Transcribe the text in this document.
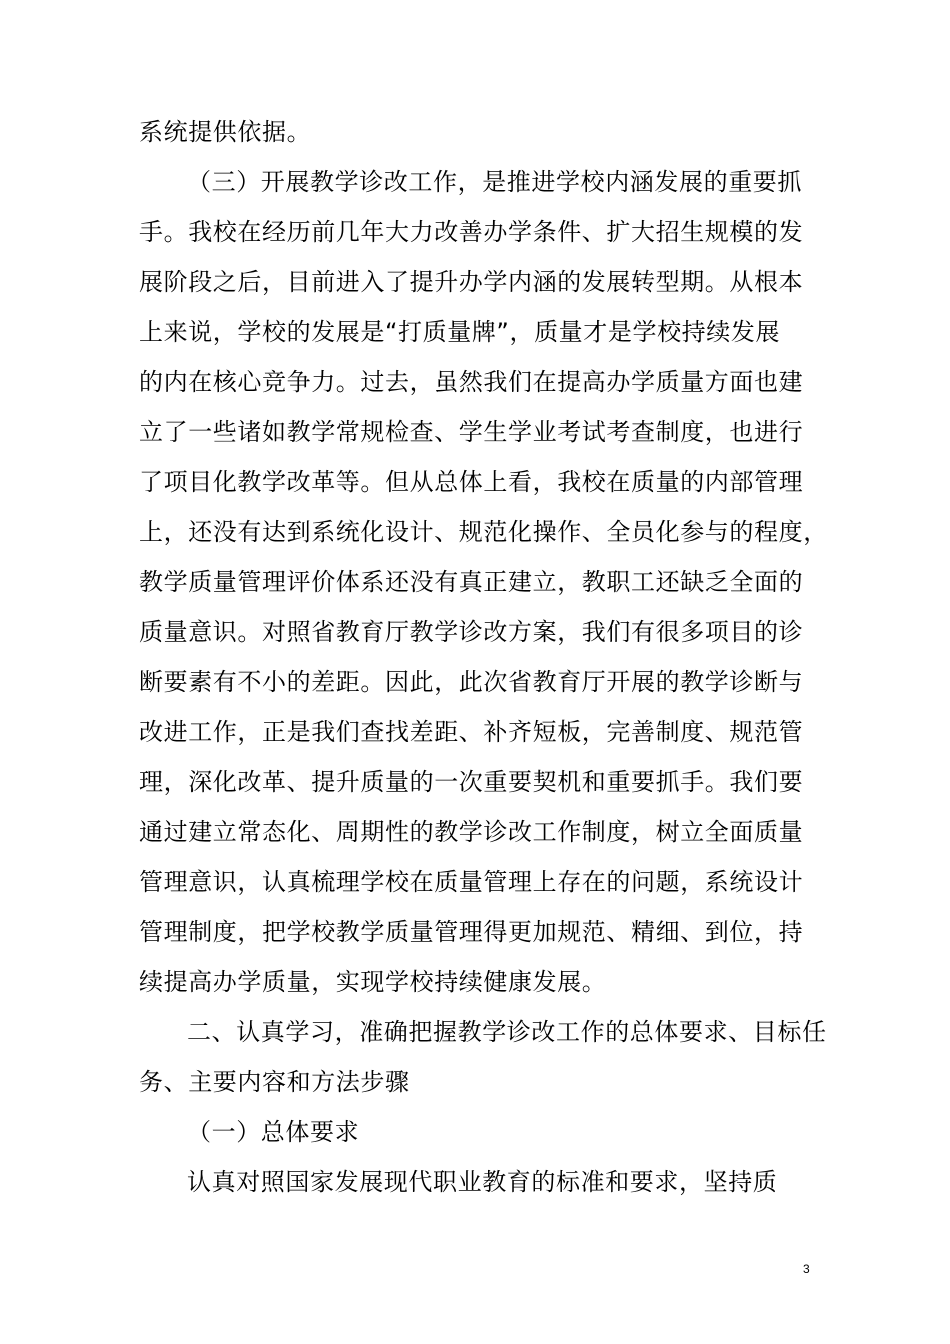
系统提供依据。
（三）开展教学诊改工作，是推进学校内涵发展的重要抓
手。我校在经历前几年大力改善办学条件、扩大招生规模的发
展阶段之后，目前进入了提升办学内涵的发展转型期。从根本
上来说，学校的发展是“打质量牌”，质量才是学校持续发展
的内在核心竞争力。过去，虽然我们在提高办学质量方面也建
立了一些诸如教学常规检查、学生学业考试考查制度，也进行
了项目化教学改革等。但从总体上看，我校在质量的内部管理
上，还没有达到系统化设计、规范化操作、全员化参与的程度，
教学质量管理评价体系还没有真正建立，教职工还缺乏全面的
质量意识。对照省教育厅教学诊改方案，我们有很多项目的诊
断要素有不小的差距。因此，此次省教育厅开展的教学诊断与
改进工作，正是我们查找差距、补齐短板，完善制度、规范管
理，深化改革、提升质量的一次重要契机和重要抓手。我们要
通过建立常态化、周期性的教学诊改工作制度，树立全面质量
管理意识，认真梳理学校在质量管理上存在的问题，系统设计
管理制度，把学校教学质量管理得更加规范、精细、到位，持
续提高办学质量，实现学校持续健康发展。
二、认真学习，准确把握教学诊改工作的总体要求、目标任
务、主要内容和方法步骤
（一）总体要求
认真对照国家发展现代职业教育的标准和要求，坚持质
3
